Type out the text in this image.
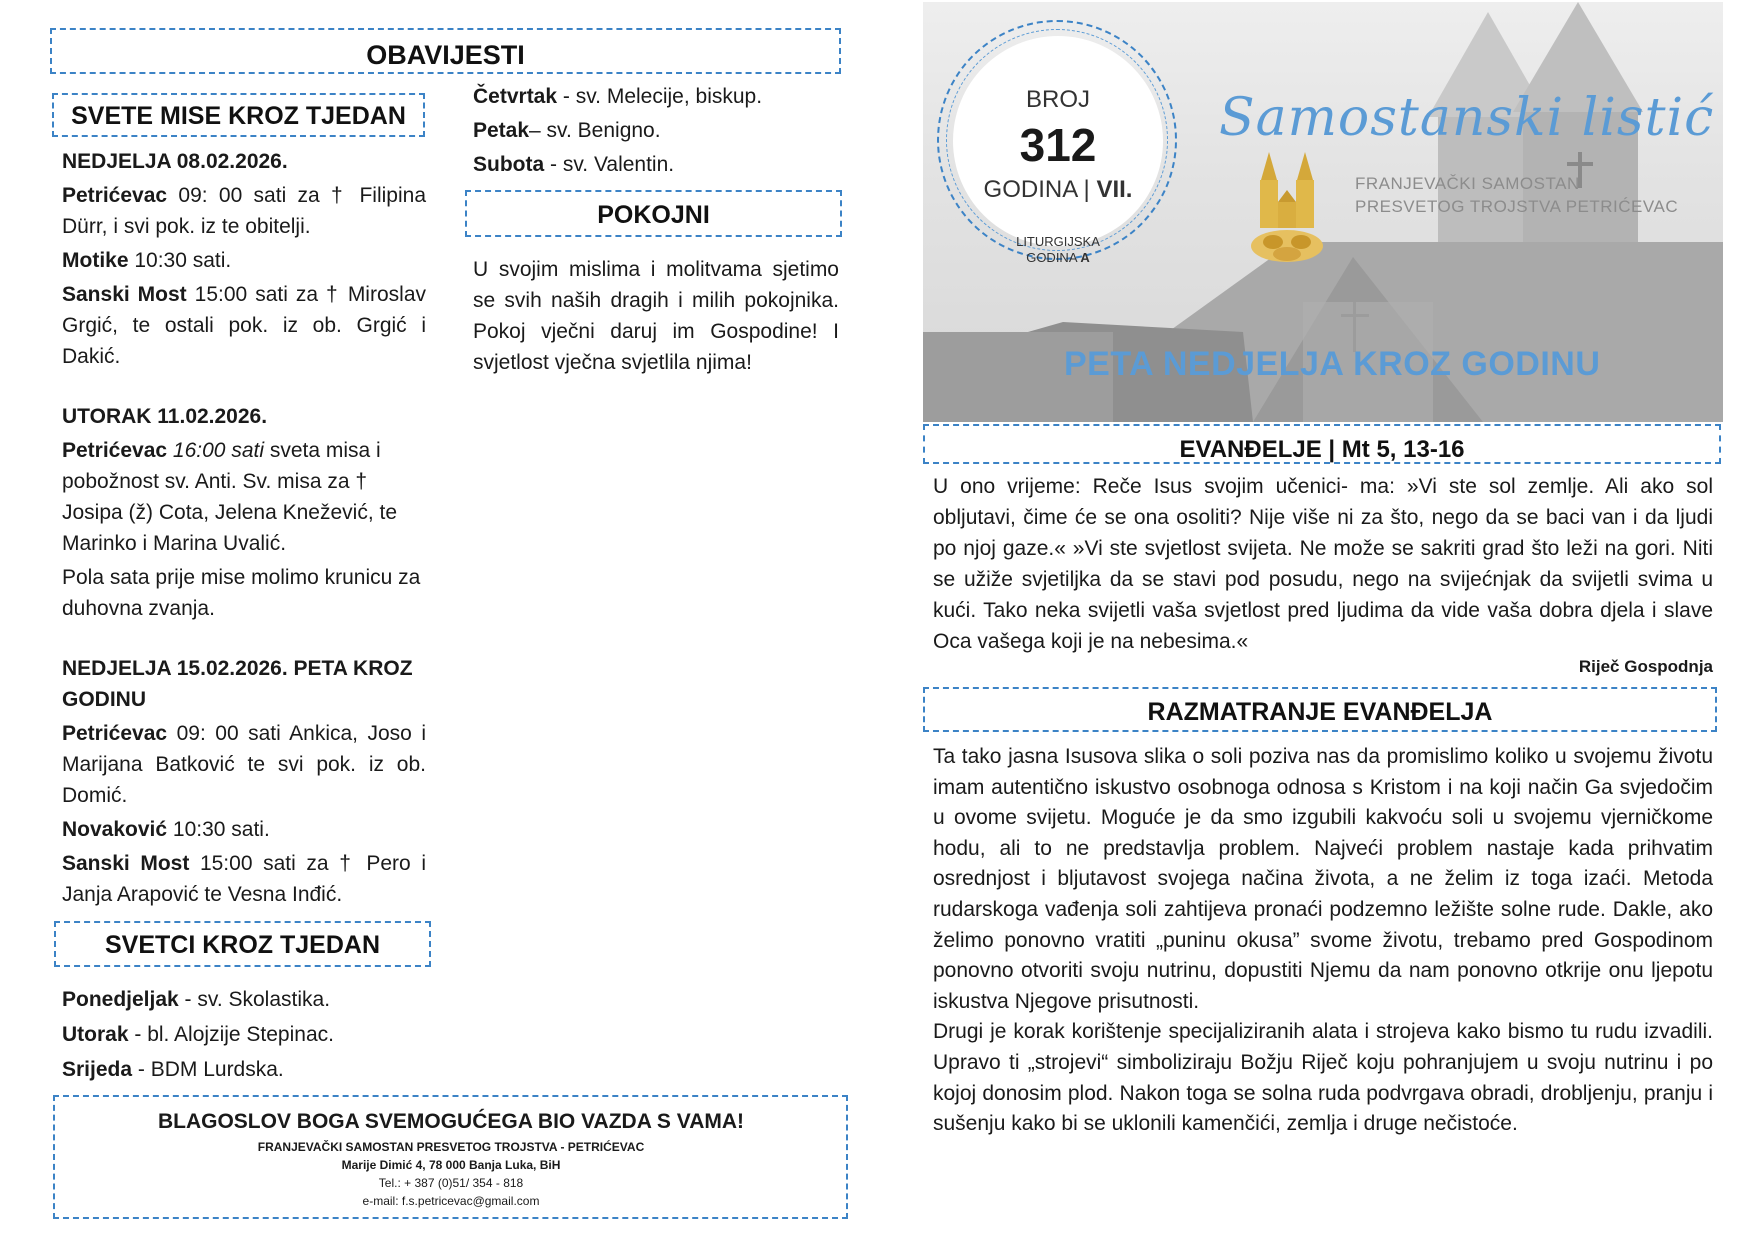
OBAVIJESTI
SVETE MISE KROZ TJEDAN

NEDJELJA 08.02.2026.

Petrićevac 09: 00 sati za † Filipina Dürr, i svi pok. iz te obitelji.

Motike 10:30 sati.

Sanski Most 15:00 sati za † Miroslav Grgić, te ostali pok. iz ob. Grgić i Dakić.

UTORAK 11.02.2026.

Petrićevac 16:00 sati sveta misa i pobožnost sv. Anti. Sv. misa za † Josipa (ž) Cota, Jelena Knežević, te Marinko i Marina Uvalić.

Pola sata prije mise molimo krunicu za duhovna zvanja.

NEDJELJA 15.02.2026. PETA KROZ GODINU

Petrićevac 09: 00 sati Ankica, Joso i Marijana Batković te svi pok. iz ob. Domić.

Novaković 10:30 sati.

Sanski Most 15:00 sati za † Pero i Janja Arapović te Vesna Inđić.

SVETCI KROZ TJEDAN

Ponedjeljak - sv. Skolastika.

Utorak - bl. Alojzije Stepinac.

Srijeda - BDM Lurdska.

Četvrtak - sv. Melecije, biskup.

Petak– sv. Benigno.

Subota - sv. Valentin.

POKOJNI
U svojim mislima i molitvama sjetimo se svih naših dragih i milih pokojnika. Pokoj vječni daruj im Gospodine! I svjetlost vječna svjetlila njima!
BLAGOSLOV BOGA SVEMOGUĆEGA BIO VAZDA S VAMA!
FRANJEVAČKI SAMOSTAN PRESVETOG TROJSTVA - PETRIĆEVAC
Marije Dimić 4, 78 000 Banja Luka, BiH
Tel.: + 387 (0)51/ 354 - 818
e-mail: f.s.petricevac@gmail.com
BROJ
312
GODINA | VII.
LITURGIJSKA
GODINA A
Samostanski listić
FRANJEVAČKI SAMOSTAN
PRESVETOG TROJSTVA PETRIĆEVAC
PETA NEDJELJA KROZ GODINU
EVANĐELJE | Mt 5, 13-16
U ono vrijeme: Reče Isus svojim učenici- ma: »Vi ste sol zemlje. Ali ako sol obljutavi, čime će se ona osoliti? Nije više ni za što, nego da se baci van i da ljudi po njoj gaze.« »Vi ste svjetlost svijeta. Ne može se sakriti grad što leži na gori. Niti se užiže svjetiljka da se stavi pod posudu, nego na svijećnjak da svijetli svima u kući. Tako neka svijetli vaša svjetlost pred ljudima da vide vaša dobra djela i slave Oca vašega koji je na nebesima.«
Riječ Gospodnja
RAZMATRANJE EVANĐELJA

Ta tako jasna Isusova slika o soli poziva nas da promislimo koliko u svojemu životu imam autentično iskustvo osobnoga odnosa s Kristom i na koji način Ga svjedočim u ovome svijetu. Moguće je da smo izgubili kakvoću soli u svojemu vjerničkome hodu, ali to ne predstavlja problem. Najveći problem nastaje kada prihvatim osrednjost i bljutavost svojega načina života, a ne želim iz toga izaći. Metoda rudarskoga vađenja soli zahtijeva pronaći podzemno ležište solne rude. Dakle, ako želimo ponovno vratiti „puninu okusa” svome životu, trebamo pred Gospodinom ponovno otvoriti svoju nutrinu, dopustiti Njemu da nam ponovno otkrije onu ljepotu iskustva Njegove prisutnosti.

Drugi je korak korištenje specijaliziranih alata i strojeva kako bismo tu rudu izvadili. Upravo ti „strojevi“ simboliziraju Božju Riječ koju pohranjujem u svoju nutrinu i po kojoj donosim plod. Nakon toga se solna ruda podvrgava obradi, drobljenju, pranju i sušenju kako bi se uklonili kamenčići, zemlja i druge nečistoće.
